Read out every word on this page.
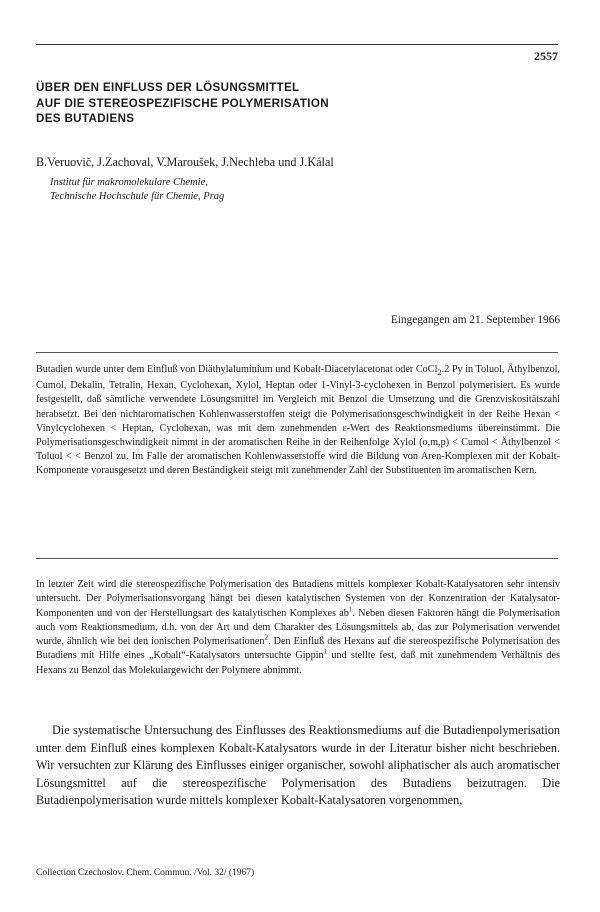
2557
ÜBER DEN EINFLUSS DER LÖSUNGSMITTEL
AUF DIE STEREOSPEZIFISCHE POLYMERISATION
DES BUTADIENS
B.Veruovič, J.Zachoval, V.Maroušek, J.Nechleba und J.Kálal
Institut für makromolekulare Chemie,
Technische Hochschule für Chemie, Prag
Eingegangen am 21. September 1966
Butadien wurde unter dem Einfluß von Diäthylaluminium und Kobalt-Diacetylacetonat oder CoCl$_2$.2 Py in Toluol, Äthylbenzol, Cumol, Dekalin, Tetralin, Hexan, Cyclohexan, Xylol, Heptan oder 1-Vinyl-3-cyclohexen in Benzol polymerisiert. Es wurde festgestellt, daß sämtliche verwendete Lösungsmittel im Vergleich mit Benzol die Umsetzung und die Grenzviskositätszahl herabsetzt. Bei den nichtaromatischen Kohlenwasserstoffen steigt die Polymerisationsgeschwindigkeit in der Reihe Hexan < Vinylcyclohexen < Heptan, Cyclohexan, was mit dem zunehmenden ε-Wert des Reaktionsmediums übereinstimmt. Die Polymerisationsgeschwindigkeit nimmt in der aromatischen Reihe in der Reihenfolge Xylol (o,m,p) < Cumol < Äthylbenzol < Toluol < < Benzol zu. Im Falle der aromatischen Kohlenwasserstoffe wird die Bildung von Aren-Komplexen mit der Kobalt-Komponente vorausgesetzt und deren Beständigkeit steigt mit zunehmender Zahl der Substituenten im aromatischen Kern.
In letzter Zeit wird die stereospezifische Polymerisation des Butadiens mittels komplexer Kobalt-Katalysatoren sehr intensiv untersucht. Der Polymerisationsvorgang hängt bei diesen katalytischen Systemen von der Konzentration der Katalysator-Komponenten und von der Herstellungsart des katalytischen Komplexes $ab^1$. Neben diesen Faktoren hängt die Polymerisation auch vom Reaktionsmedium, d.h. von der Art und dem Charakter des Lösungsmittels ab, das zur Polymerisation verwendet wurde, ähnlich wie bei den ionischen Polymerisationen$^2$. Den Einfluß des Hexans auf die stereospezifische Polymerisation des Butadiens mit Hilfe eines „Kobalt“-Katalysators untersuchte Gippin$^1$ und stellte fest, daß mit zunehmendem Verhältnis des Hexans zu Benzol das Molekulargewicht der Polymere abnimmt.
Die systematische Untersuchung des Einflusses des Reaktionsmediums auf die Butadienpolymerisation unter dem Einfluß eines komplexen Kobalt-Katalysators wurde in der Literatur bisher nicht beschrieben. Wir versuchten zur Klärung des Einflusses einiger organischer, sowohl aliphatischer als auch aromatischer Lösungsmittel auf die stereospezifische Polymerisation des Butadiens beizutragen. Die Butadienpolymerisation wurde mittels komplexer Kobalt-Katalysatoren vorgenommen,
Collection Czechoslov. Chem. Commun. /Vol. 32/ (1967)
